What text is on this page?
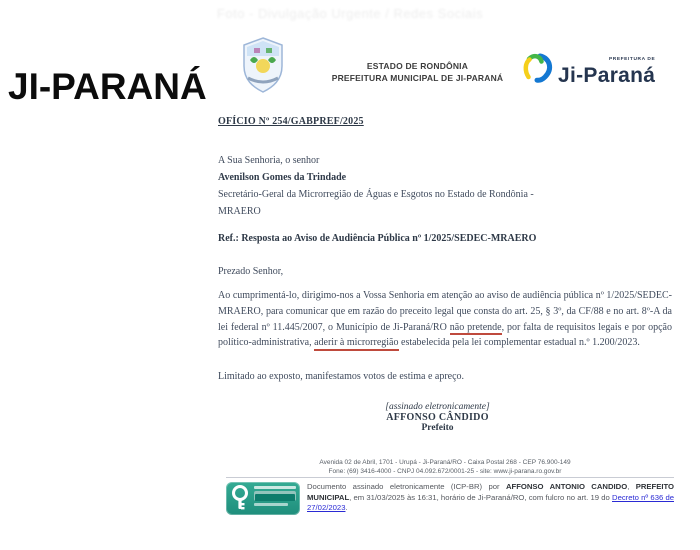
Foto - Divulgação Urgente / Redes Sociais
JI-PARANÁ	ESTADO DE RONDÔNIA
PREFEITURA MUNICIPAL DE JI-PARANÁ
PREFEITURA DE
Ji-Paraná
OFÍCIO Nº 254/GABPREF/2025
A Sua Senhoria, o senhor
Avenilson Gomes da Trindade
Secretário-Geral da Microrregião de Águas e Esgotos no Estado de Rondônia -
MRAERO
Ref.: Resposta ao Aviso de Audiência Pública nº 1/2025/SEDEC-MRAERO
Prezado Senhor,
Ao cumprimentá-lo, dirigimo-nos a Vossa Senhoria em atenção ao aviso de audiência pública nº 1/2025/SEDEC-MRAERO, para comunicar que em razão do preceito legal que consta do art. 25, § 3º, da CF/88 e no art. 8º-A da lei federal nº 11.445/2007, o Município de Ji-Paraná/RO não pretende, por falta de requisitos legais e por opção político-administrativa, aderir à microrregião estabelecida pela lei complementar estadual n.º 1.200/2023.
Limitado ao exposto, manifestamos votos de estima e apreço.
[assinado eletronicamente]
AFFONSO CÂNDIDO
Prefeito
Avenida 02 de Abril, 1701 - Urupá - Ji-Paraná/RO - Caixa Postal 268 - CEP 76.900-149
Fone: (69) 3416-4000 - CNPJ 04.092.672/0001-25 - site: www.ji-parana.ro.gov.br
Documento assinado eletronicamente (ICP-BR) por AFFONSO ANTONIO CANDIDO, PREFEITO MUNICIPAL, em 31/03/2025 às 16:31, horário de Ji-Paraná/RO, com fulcro no art. 19 do Decreto nº 636 de 27/02/2023.
